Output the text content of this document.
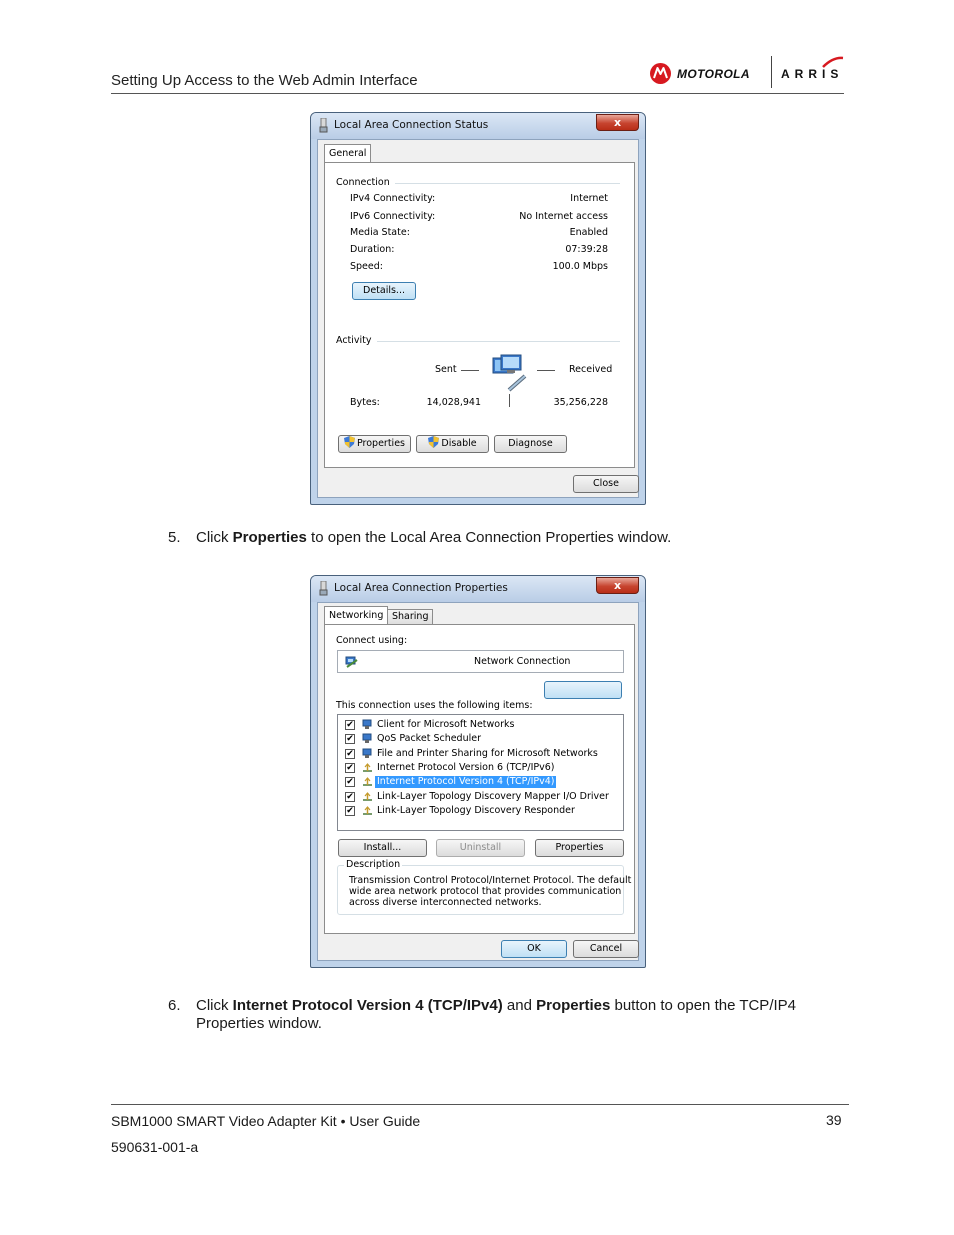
Setting Up Access to the Web Admin Interface	MOTOROLA	ARRIS
Local Area Connection Status	x
General
Connection
IPv4 Connectivity:	Internet
IPv6 Connectivity:	No Internet access
Media State:	Enabled
Duration:	07:39:28
Speed:	100.0 Mbps
Details...
Activity
Sent	Received
Bytes:	14,028,941	35,256,228
Properties	Disable	Diagnose
Close
5. Click Properties to open the Local Area Connection Properties window.
Local Area Connection Properties	x
Networking Sharing
Connect using:
Network Connection
This connection uses the following items:
✔ Client for Microsoft Networks
✔ QoS Packet Scheduler
✔ File and Printer Sharing for Microsoft Networks
✔ Internet Protocol Version 6 (TCP/IPv6)
✔ Internet Protocol Version 4 (TCP/IPv4)
✔ Link-Layer Topology Discovery Mapper I/O Driver
✔ Link-Layer Topology Discovery Responder
Install...	Uninstall	Properties
Description
Transmission Control Protocol/Internet Protocol. The default
wide area network protocol that provides communication
across diverse interconnected networks.
OK	Cancel
6. Click Internet Protocol Version 4 (TCP/IPv4) and Properties button to open the TCP/IP4
Properties window.
SBM1000 SMART Video Adapter Kit • User Guide	39
590631-001-a
